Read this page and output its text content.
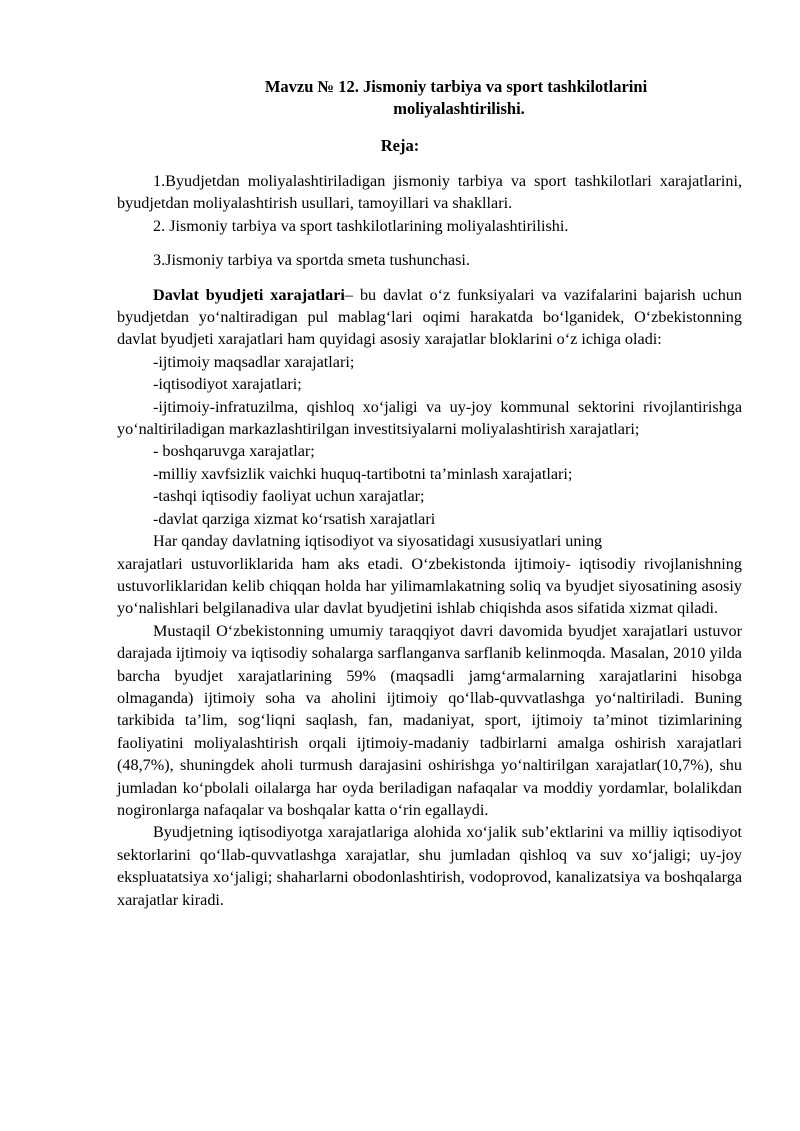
Mavzu № 12. Jismoniy tarbiya va sport tashkilotlarini
moliyalashtirilishi.
Reja:

1.Byudjetdan moliyalashtiriladigan jismoniy tarbiya va sport tashkilotlari xarajatlarini, byudjetdan moliyalashtirish usullari, tamoyillari va shakllari.

2. Jismoniy tarbiya va sport tashkilotlarining moliyalashtirilishi.

3.Jismoniy tarbiya va sportda smeta tushunchasi.

Davlat byudjeti xarajatlari– bu davlat oʻz funksiyalari va vazifalarini bajarish uchun byudjetdan yoʻnaltiradigan pul mablagʻlari oqimi harakatda boʻlganidek, Oʻzbekistonning davlat byudjeti xarajatlari ham quyidagi asosiy xarajatlar bloklarini oʻz ichiga oladi:

-ijtimoiy maqsadlar xarajatlari;

-iqtisodiyot xarajatlari;

-ijtimoiy-infratuzilma, qishloq xoʻjaligi va uy-joy kommunal sektorini rivojlantirishga yoʻnaltiriladigan markazlashtirilgan investitsiyalarni moliyalashtirish xarajatlari;

- boshqaruvga xarajatlar;

-milliy xavfsizlik vaichki huquq-tartibotni ta’minlash xarajatlari;

-tashqi iqtisodiy faoliyat uchun xarajatlar;

-davlat qarziga xizmat koʻrsatish xarajatlari

Har qanday davlatning iqtisodiyot va siyosatidagi xususiyatlari uning

xarajatlari ustuvorliklarida ham aks etadi. Oʻzbekistonda ijtimoiy- iqtisodiy rivojlanishning ustuvorliklaridan kelib chiqqan holda har yilimamlakatning soliq va byudjet siyosatining asosiy yoʻnalishlari belgilanadiva ular davlat byudjetini ishlab chiqishda asos sifatida xizmat qiladi.

Mustaqil Oʻzbekistonning umumiy taraqqiyot davri davomida byudjet xarajatlari ustuvor darajada ijtimoiy va iqtisodiy sohalarga sarflanganva sarflanib kelinmoqda. Masalan, 2010 yilda barcha byudjet xarajatlarining 59% (maqsadli jamgʻarmalarning xarajatlarini hisobga olmaganda) ijtimoiy soha va aholini ijtimoiy qoʻllab-quvvatlashga yoʻnaltiriladi. Buning tarkibida ta’lim, sogʻliqni saqlash, fan, madaniyat, sport, ijtimoiy ta’minot tizimlarining faoliyatini moliyalashtirish orqali ijtimoiy-madaniy tadbirlarni amalga oshirish xarajatlari (48,7%), shuningdek aholi turmush darajasini oshirishga yoʻnaltirilgan xarajatlar(10,7%), shu jumladan koʻpbolali oilalarga har oyda beriladigan nafaqalar va moddiy yordamlar, bolalikdan nogironlarga nafaqalar va boshqalar katta oʻrin egallaydi.

Byudjetning iqtisodiyotga xarajatlariga alohida xoʻjalik sub’ektlarini va milliy iqtisodiyot sektorlarini qoʻllab-quvvatlashga xarajatlar, shu jumladan qishloq va suv xoʻjaligi; uy-joy ekspluatatsiya xoʻjaligi; shaharlarni obodonlashtirish, vodoprovod, kanalizatsiya va boshqalarga xarajatlar kiradi.
